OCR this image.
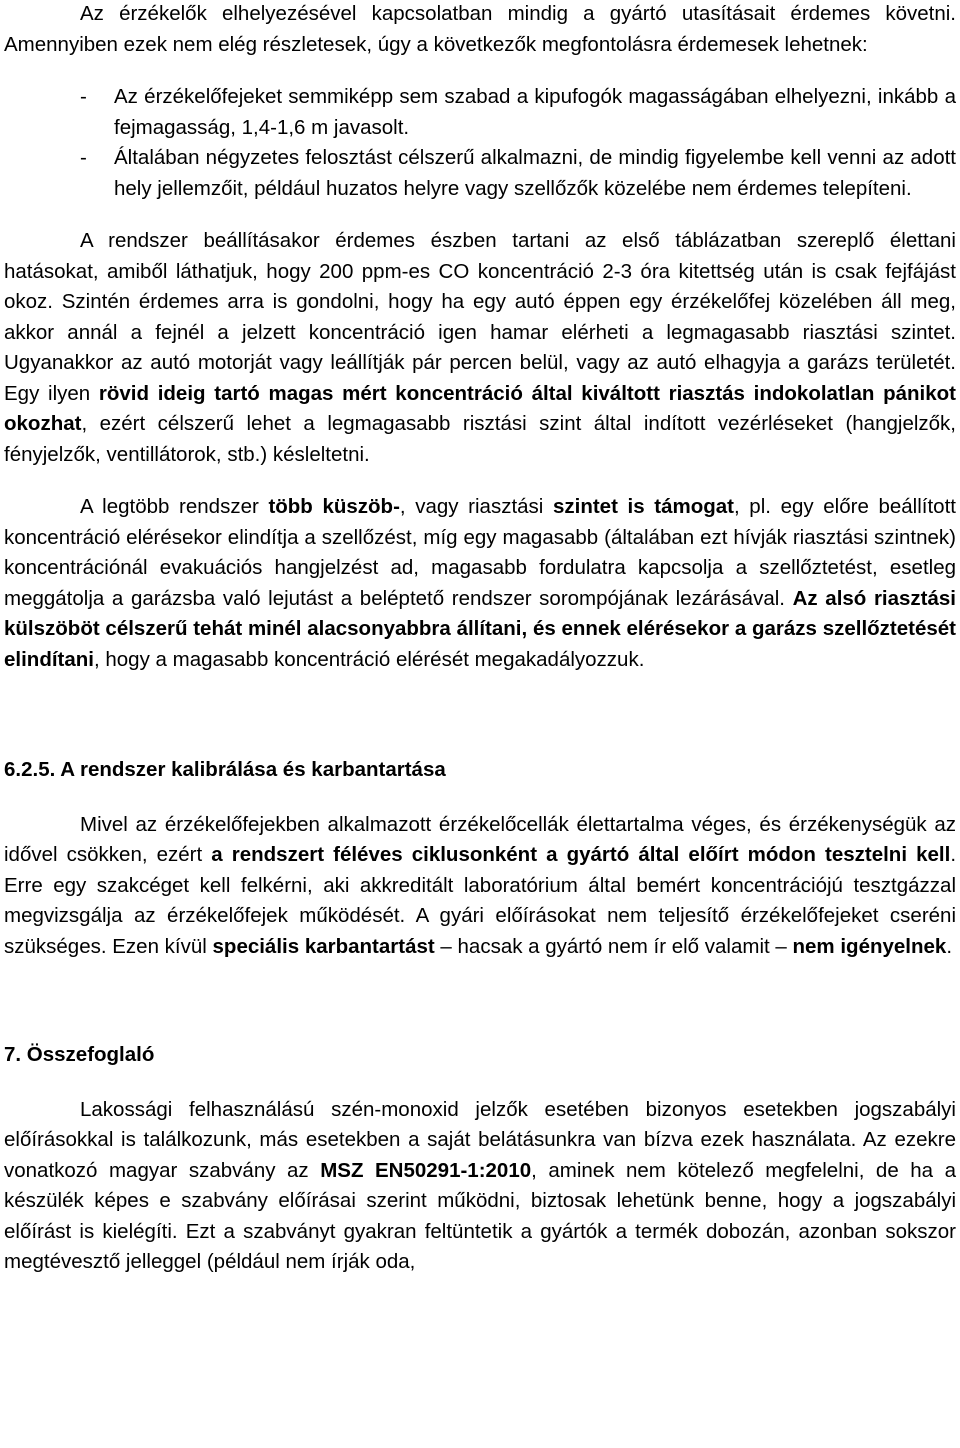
Az érzékelők elhelyezésével kapcsolatban mindig a gyártó utasításait érdemes követni. Amennyiben ezek nem elég részletesek, úgy a következők megfontolásra érdemesek lehetnek:

- Az érzékelőfejeket semmiképp sem szabad a kipufogók magasságában elhelyezni, inkább a fejmagasság, 1,4-1,6 m javasolt.
- Általában négyzetes felosztást célszerű alkalmazni, de mindig figyelembe kell venni az adott hely jellemzőit, például huzatos helyre vagy szellőzők közelébe nem érdemes telepíteni.

A rendszer beállításakor érdemes észben tartani az első táblázatban szereplő élettani hatásokat, amiből láthatjuk, hogy 200 ppm-es CO koncentráció 2-3 óra kitettség után is csak fejfájást okoz. Szintén érdemes arra is gondolni, hogy ha egy autó éppen egy érzékelőfej közelében áll meg, akkor annál a fejnél a jelzett koncentráció igen hamar elérheti a legmagasabb riasztási szintet. Ugyanakkor az autó motorját vagy leállítják pár percen belül, vagy az autó elhagyja a garázs területét. Egy ilyen rövid ideig tartó magas mért koncentráció által kiváltott riasztás indokolatlan pánikot okozhat, ezért célszerű lehet a legmagasabb risztási szint által indított vezérléseket (hangjelzők, fényjelzők, ventillátorok, stb.) késleltetni.

A legtöbb rendszer több küszöb-, vagy riasztási szintet is támogat, pl. egy előre beállított koncentráció elérésekor elindítja a szellőzést, míg egy magasabb (általában ezt hívják riasztási szintnek) koncentrációnál evakuációs hangjelzést ad, magasabb fordulatra kapcsolja a szellőztetést, esetleg meggátolja a garázsba való lejutást a beléptető rendszer sorompójának lezárásával. Az alsó riasztási külszöböt célszerű tehát minél alacsonyabbra állítani, és ennek elérésekor a garázs szellőztetését elindítani, hogy a magasabb koncentráció elérését megakadályozzuk.

6.2.5. A rendszer kalibrálása és karbantartása

Mivel az érzékelőfejekben alkalmazott érzékelőcellák élettartalma véges, és érzékenységük az idővel csökken, ezért a rendszert féléves ciklusonként a gyártó által előírt módon tesztelni kell. Erre egy szakcéget kell felkérni, aki akkreditált laboratórium által bemért koncentrációjú tesztgázzal megvizsgálja az érzékelőfejek működését. A gyári előírásokat nem teljesítő érzékelőfejeket cseréni szükséges. Ezen kívül speciális karbantartást – hacsak a gyártó nem ír elő valamit – nem igényelnek.

7. Összefoglaló

Lakossági felhasználású szén-monoxid jelzők esetében bizonyos esetekben jogszabályi előírásokkal is találkozunk, más esetekben a saját belátásunkra van bízva ezek használata. Az ezekre vonatkozó magyar szabvány az MSZ EN50291-1:2010, aminek nem kötelező megfelelni, de ha a készülék képes e szabvány előírásai szerint működni, biztosak lehetünk benne, hogy a jogszabályi előírást is kielégíti. Ezt a szabványt gyakran feltüntetik a gyártók a termék dobozán, azonban sokszor megtévesztő jelleggel (például nem írják oda,
